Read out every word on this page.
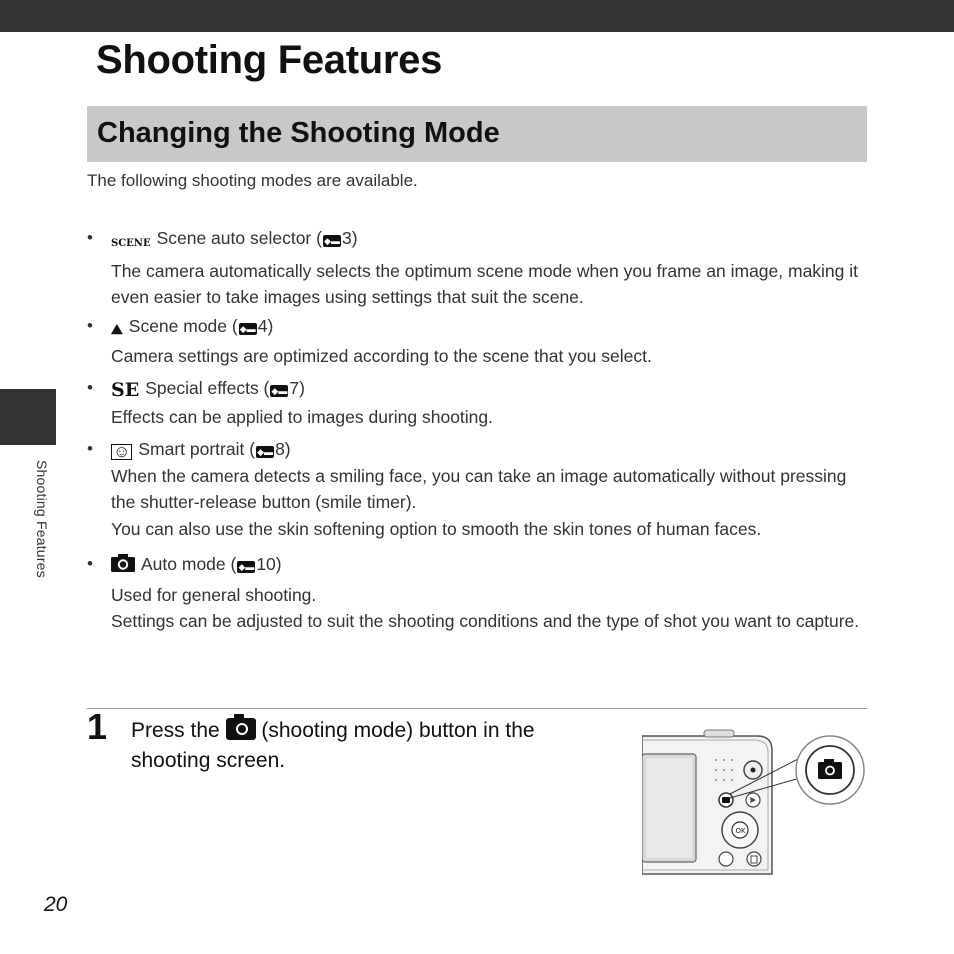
Shooting Features
Changing the Shooting Mode
The following shooting modes are available.
Shooting Features
• SCENE Scene auto selector ( ◆▬ 3)

The camera automatically selects the optimum scene mode when you frame an image, making it even easier to take images using settings that suit the scene.

• ⛰ Scene mode ( ◆▬ 4)

Camera settings are optimized according to the scene that you select.

• SE Special effects ( ◆▬ 7)

Effects can be applied to images during shooting.

• ☺ Smart portrait ( ◆▬ 8)

When the camera detects a smiling face, you can take an image automatically without pressing the shutter-release button (smile timer).

You can also use the skin softening option to smooth the skin tones of human faces.

•	Auto mode ( ◆▬ 10)

Used for general shooting.

Settings can be adjusted to suit the shooting conditions and the type of shot you want to capture.

1 Press the  (shooting mode) button in the shooting screen.
OK
20
